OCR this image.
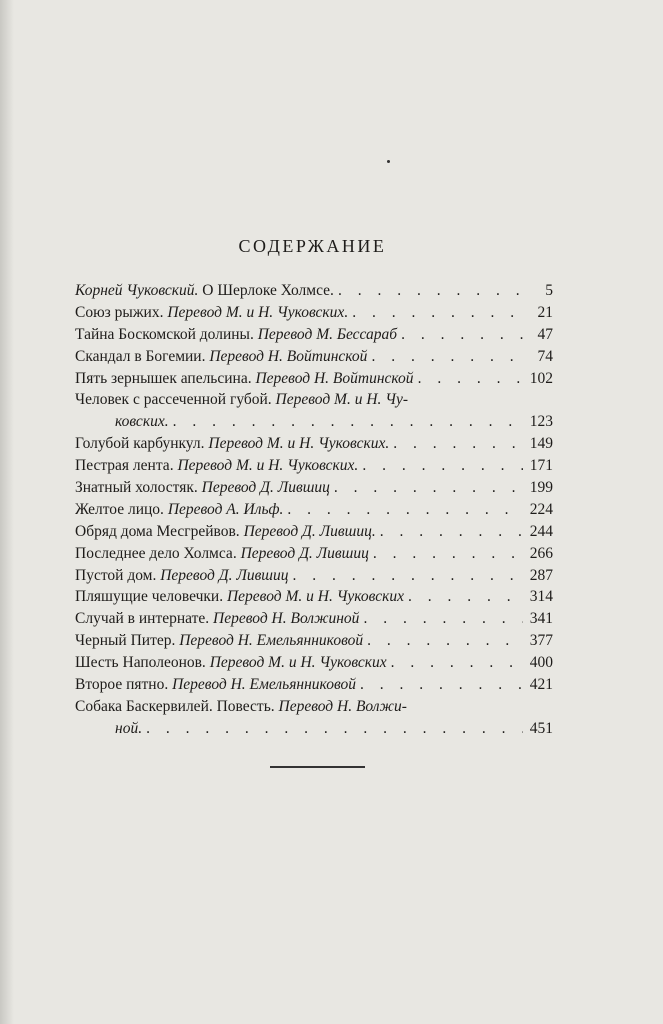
СОДЕРЖАНИЕ
Корней Чуковский. О Шерлоке Холмсе. . . .	5
Союз рыжих. Перевод М. и Н. Чуковских. . . .	21
Тайна Боскомской долины. Перевод М. Бессараб . . .	47
Скандал в Богемии. Перевод Н. Войтинской . . .	74
Пять зернышек апельсина. Перевод Н. Войтинской . . .	102
Человек с рассеченной губой. Перевод М. и Н. Чу-
ковских. . . .	123
Голубой карбункул. Перевод М. и Н. Чуковских. . . .	149
Пестрая лента. Перевод М. и Н. Чуковских. . . .	171
Знатный холостяк. Перевод Д. Лившиц . . .	199
Желтое лицо. Перевод А. Ильф. . . .	224
Обряд дома Месгрейвов. Перевод Д. Лившиц. . . .	244
Последнее дело Холмса. Перевод Д. Лившиц . . .	266
Пустой дом. Перевод Д. Лившиц . . .	287
Пляшущие человечки. Перевод М. и Н. Чуковских . . .	314
Случай в интернате. Перевод Н. Волжиной . . .	341
Черный Питер. Перевод Н. Емельянниковой . . .	377
Шесть Наполеонов. Перевод М. и Н. Чуковских . . .	400
Второе пятно. Перевод Н. Емельянниковой . . .	421
Собака Баскервилей. Повесть. Перевод Н. Волжи-
ной. . . .	451
